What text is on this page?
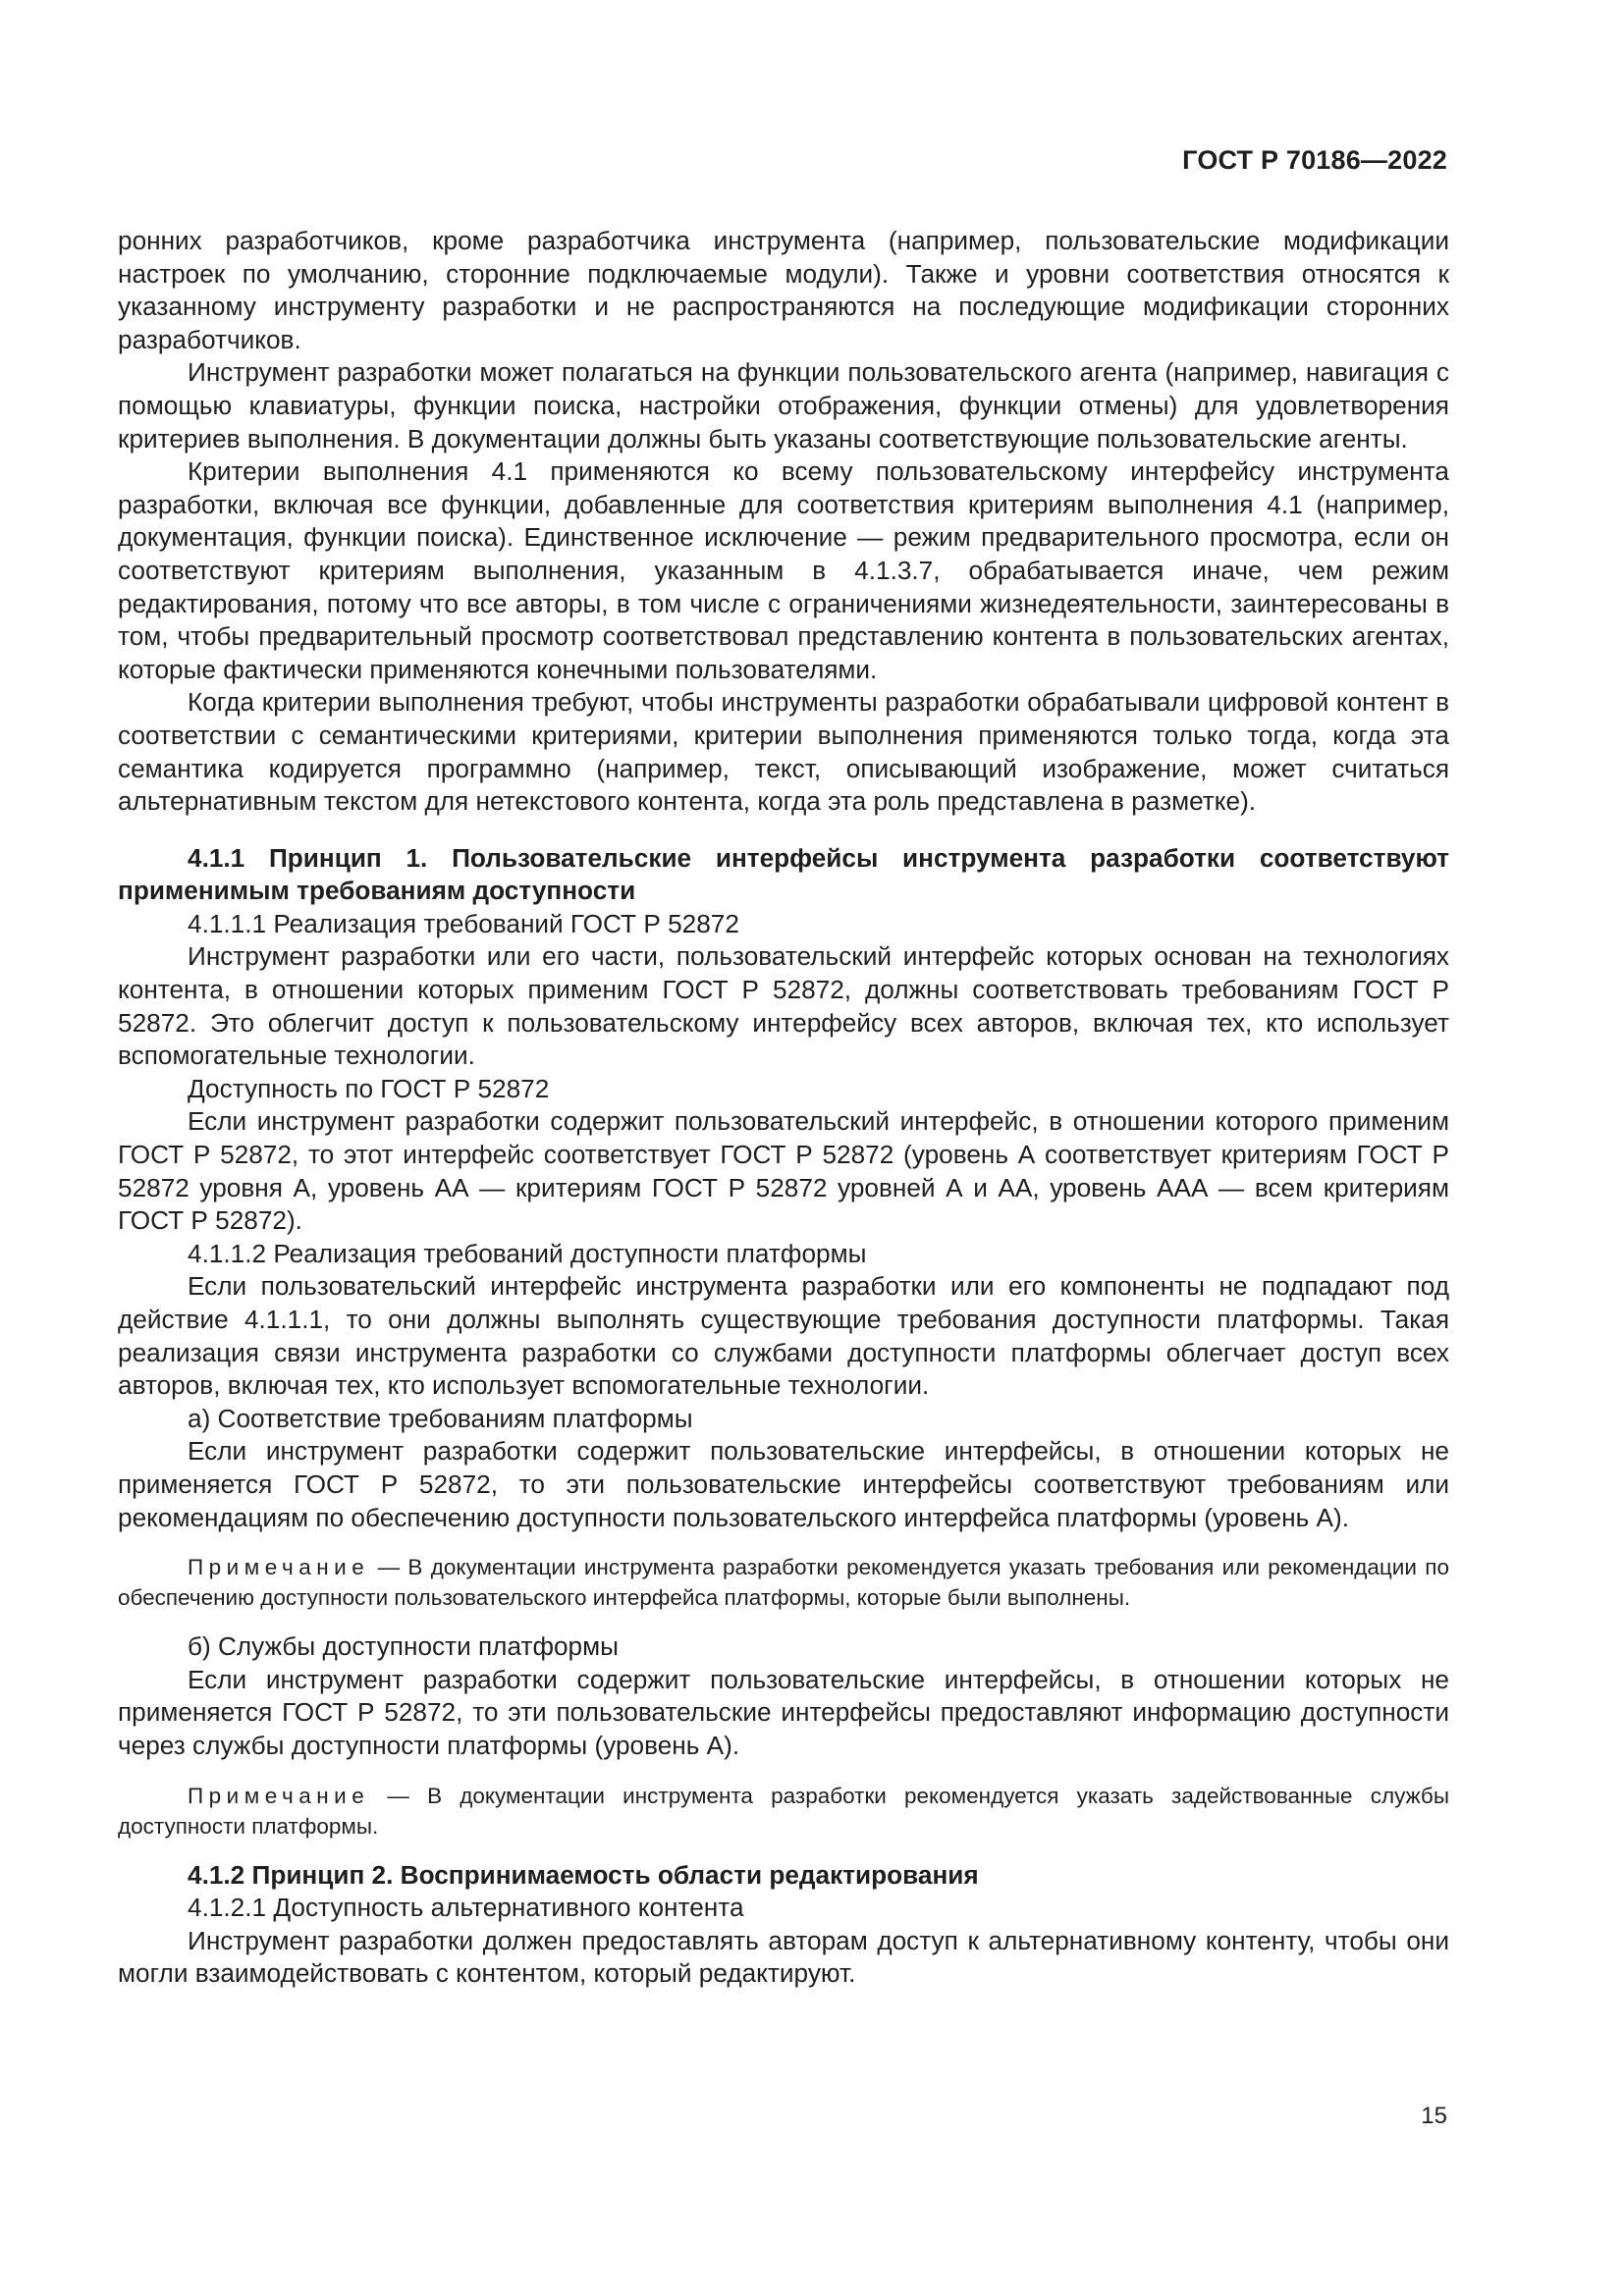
ГОСТ Р 70186—2022

ронних разработчиков, кроме разработчика инструмента (например, пользовательские модификации настроек по умолчанию, сторонние подключаемые модули). Также и уровни соответствия относятся к указанному инструменту разработки и не распространяются на последующие модификации сторонних разработчиков.

Инструмент разработки может полагаться на функции пользовательского агента (например, навигация с помощью клавиатуры, функции поиска, настройки отображения, функции отмены) для удовлетворения критериев выполнения. В документации должны быть указаны соответствующие пользовательские агенты.

Критерии выполнения 4.1 применяются ко всему пользовательскому интерфейсу инструмента разработки, включая все функции, добавленные для соответствия критериям выполнения 4.1 (например, документация, функции поиска). Единственное исключение — режим предварительного просмотра, если он соответствуют критериям выполнения, указанным в 4.1.3.7, обрабатывается иначе, чем режим редактирования, потому что все авторы, в том числе с ограничениями жизнедеятельности, заинтересованы в том, чтобы предварительный просмотр соответствовал представлению контента в пользовательских агентах, которые фактически применяются конечными пользователями.

Когда критерии выполнения требуют, чтобы инструменты разработки обрабатывали цифровой контент в соответствии с семантическими критериями, критерии выполнения применяются только тогда, когда эта семантика кодируется программно (например, текст, описывающий изображение, может считаться альтернативным текстом для нетекстового контента, когда эта роль представлена в разметке).

4.1.1 Принцип 1. Пользовательские интерфейсы инструмента разработки соответствуют применимым требованиям доступности

4.1.1.1 Реализация требований ГОСТ Р 52872

Инструмент разработки или его части, пользовательский интерфейс которых основан на технологиях контента, в отношении которых применим ГОСТ Р 52872, должны соответствовать требованиям ГОСТ Р 52872. Это облегчит доступ к пользовательскому интерфейсу всех авторов, включая тех, кто использует вспомогательные технологии.

Доступность по ГОСТ Р 52872

Если инструмент разработки содержит пользовательский интерфейс, в отношении которого применим ГОСТ Р 52872, то этот интерфейс соответствует ГОСТ Р 52872 (уровень А соответствует критериям ГОСТ Р 52872 уровня А, уровень АА — критериям ГОСТ Р 52872 уровней А и АА, уровень ААА — всем критериям ГОСТ Р 52872).

4.1.1.2 Реализация требований доступности платформы

Если пользовательский интерфейс инструмента разработки или его компоненты не подпадают под действие 4.1.1.1, то они должны выполнять существующие требования доступности платформы. Такая реализация связи инструмента разработки со службами доступности платформы облегчает доступ всех авторов, включая тех, кто использует вспомогательные технологии.

а) Соответствие требованиям платформы

Если инструмент разработки содержит пользовательские интерфейсы, в отношении которых не применяется ГОСТ Р 52872, то эти пользовательские интерфейсы соответствуют требованиям или рекомендациям по обеспечению доступности пользовательского интерфейса платформы (уровень А).

Примечание — В документации инструмента разработки рекомендуется указать требования или рекомендации по обеспечению доступности пользовательского интерфейса платформы, которые были выполнены.

б) Службы доступности платформы

Если инструмент разработки содержит пользовательские интерфейсы, в отношении которых не применяется ГОСТ Р 52872, то эти пользовательские интерфейсы предоставляют информацию доступности через службы доступности платформы (уровень А).

Примечание — В документации инструмента разработки рекомендуется указать задействованные службы доступности платформы.

4.1.2 Принцип 2. Воспринимаемость области редактирования

4.1.2.1 Доступность альтернативного контента

Инструмент разработки должен предоставлять авторам доступ к альтернативному контенту, чтобы они могли взаимодействовать с контентом, который редактируют.

15
